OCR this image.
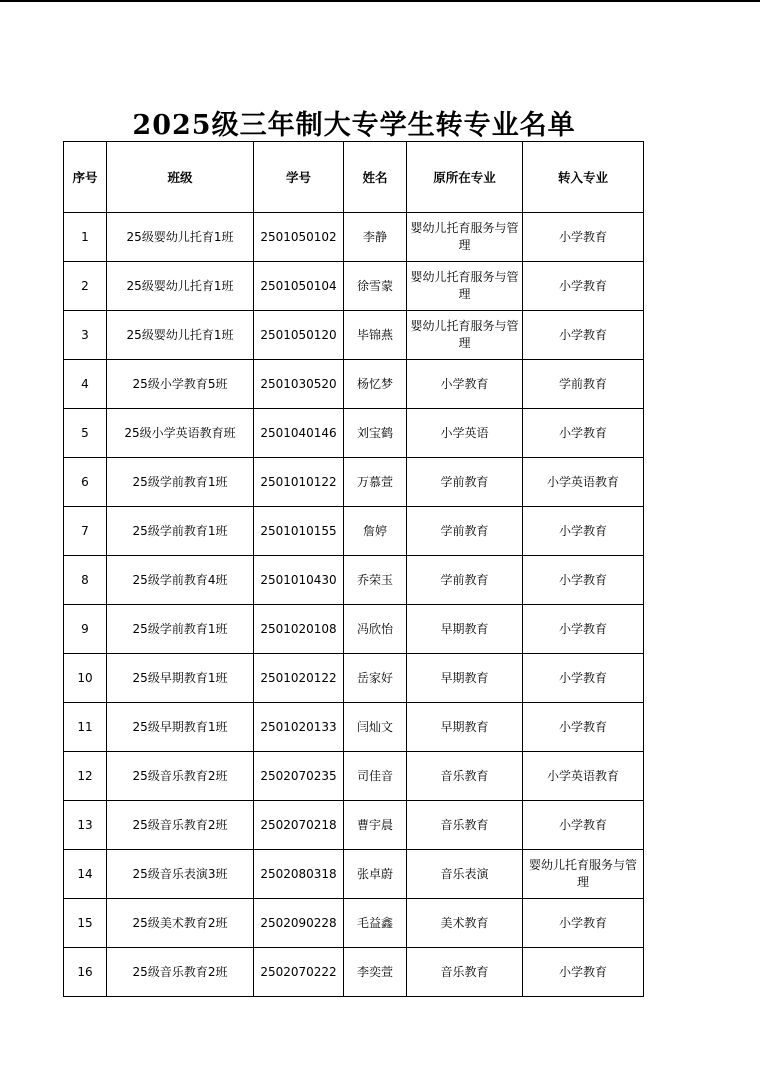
2025级三年制大专学生转专业名单
序号	班级	学号	姓名	原所在专业	转入专业
1	25级婴幼儿托育1班	2501050102	李静	婴幼儿托育服务与管理	小学教育
2	25级婴幼儿托育1班	2501050104	徐雪蒙	婴幼儿托育服务与管理	小学教育
3	25级婴幼儿托育1班	2501050120	毕锦燕	婴幼儿托育服务与管理	小学教育
4	25级小学教育5班	2501030520	杨忆梦	小学教育	学前教育
5	25级小学英语教育班	2501040146	刘宝鹤	小学英语	小学教育
6	25级学前教育1班	2501010122	万慕萱	学前教育	小学英语教育
7	25级学前教育1班	2501010155	詹婷	学前教育	小学教育
8	25级学前教育4班	2501010430	乔荣玉	学前教育	小学教育
9	25级学前教育1班	2501020108	冯欣怡	早期教育	小学教育
10	25级早期教育1班	2501020122	岳家好	早期教育	小学教育
11	25级早期教育1班	2501020133	闫灿文	早期教育	小学教育
12	25级音乐教育2班	2502070235	司佳音	音乐教育	小学英语教育
13	25级音乐教育2班	2502070218	曹宇晨	音乐教育	小学教育
14	25级音乐表演3班	2502080318	张卓蔚	音乐表演	婴幼儿托育服务与管理
15	25级美术教育2班	2502090228	毛益鑫	美术教育	小学教育
16	25级音乐教育2班	2502070222	李奕萱	音乐教育	小学教育
